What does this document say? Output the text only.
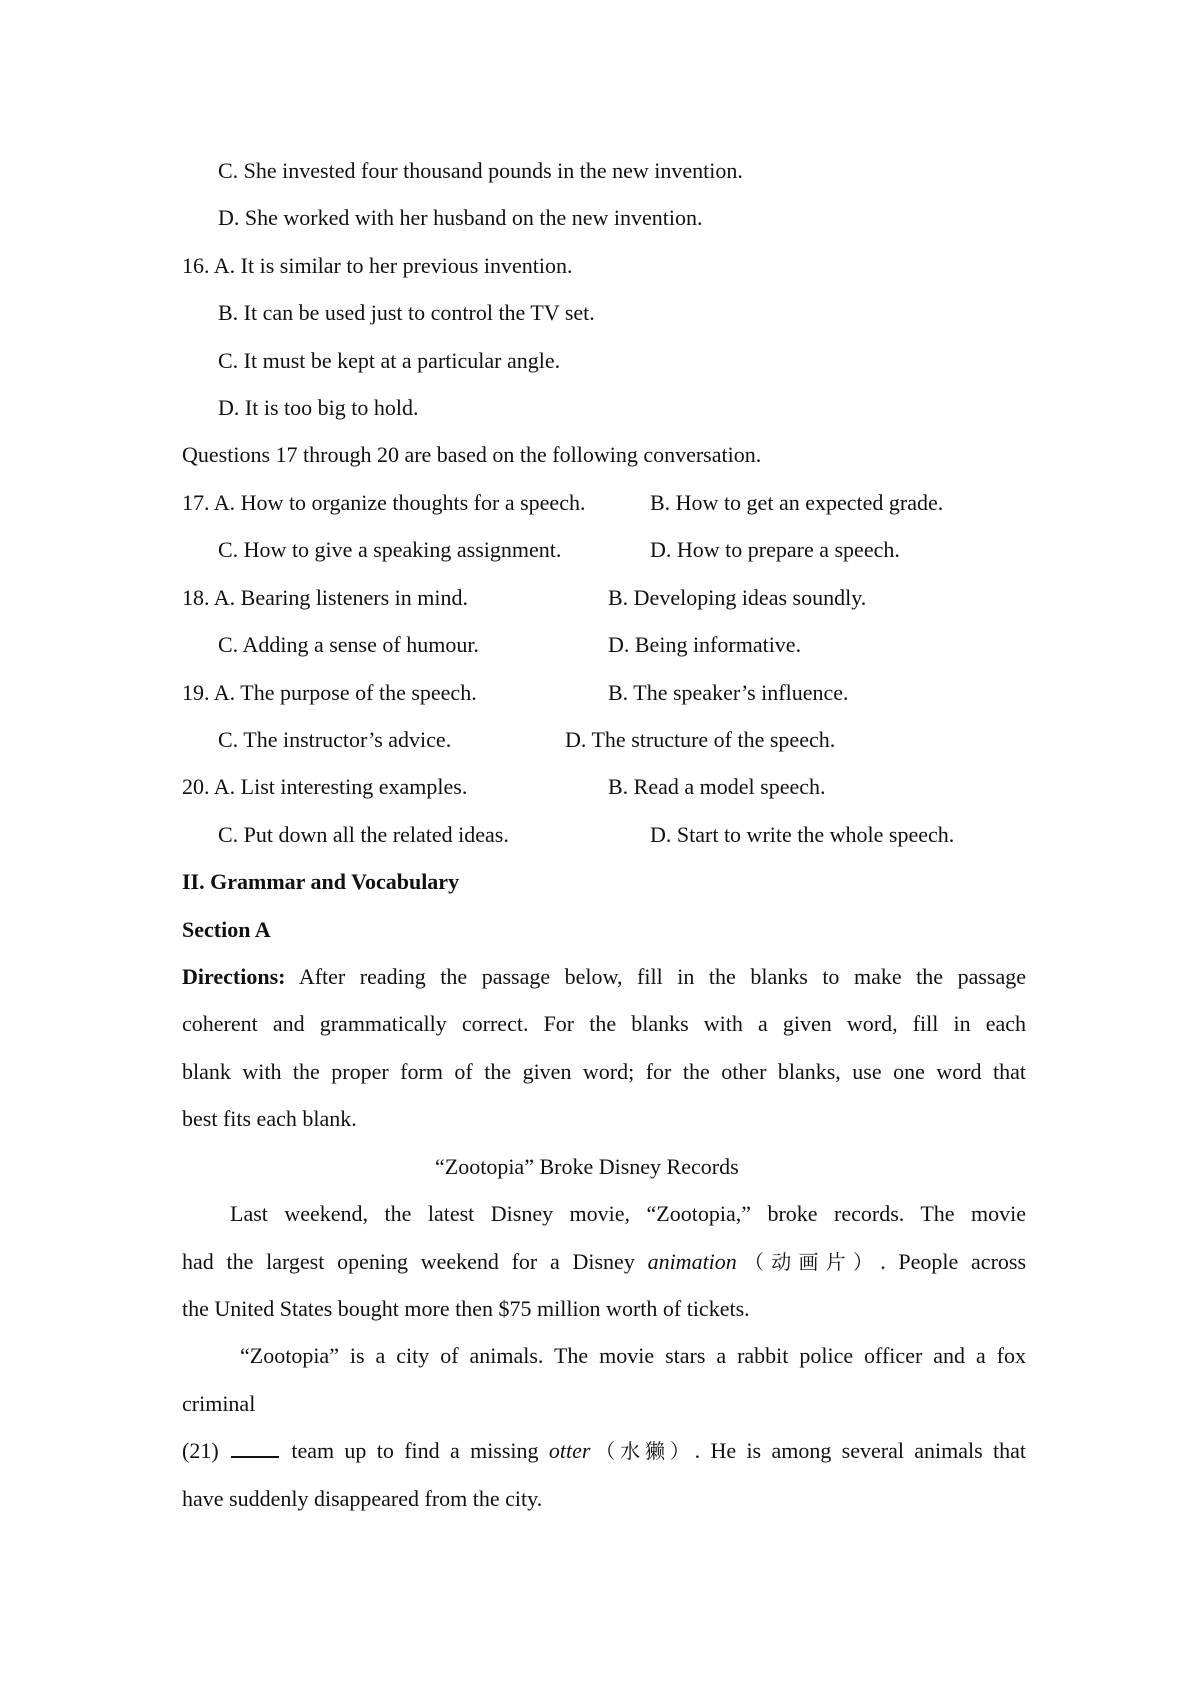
C. She invested four thousand pounds in the new invention.
D. She worked with her husband on the new invention.
16. A. It is similar to her previous invention.
B. It can be used just to control the TV set.
C. It must be kept at a particular angle.
D. It is too big to hold.
Questions 17 through 20 are based on the following conversation.
17. A. How to organize thoughts for a speech.	B. How to get an expected grade.
C. How to give a speaking assignment.	D. How to prepare a speech.
18. A. Bearing listeners in mind.	B. Developing ideas soundly.
C. Adding a sense of humour.	D. Being informative.
19. A. The purpose of the speech.	B. The speaker’s influence.
C. The instructor’s advice.	D. The structure of the speech.
20. A. List interesting examples.	B. Read a model speech.
C. Put down all the related ideas.	D. Start to write the whole speech.
II. Grammar and Vocabulary
Section A
Directions: After reading the passage below, fill in the blanks to make the passage
coherent and grammatically correct. For the blanks with a given word, fill in each
blank with the proper form of the given word; for the other blanks, use one word that
best fits each blank.
“Zootopia” Broke Disney Records
Last weekend, the latest Disney movie, “Zootopia,” broke records. The movie
had the largest opening weekend for a Disney animation（动画片）. People across
the United States bought more then $75 million worth of tickets.
“Zootopia” is a city of animals. The movie stars a rabbit police officer and a fox
criminal
(21)	team up to find a missing otter（水獭）. He is among several animals that
have suddenly disappeared from the city.
